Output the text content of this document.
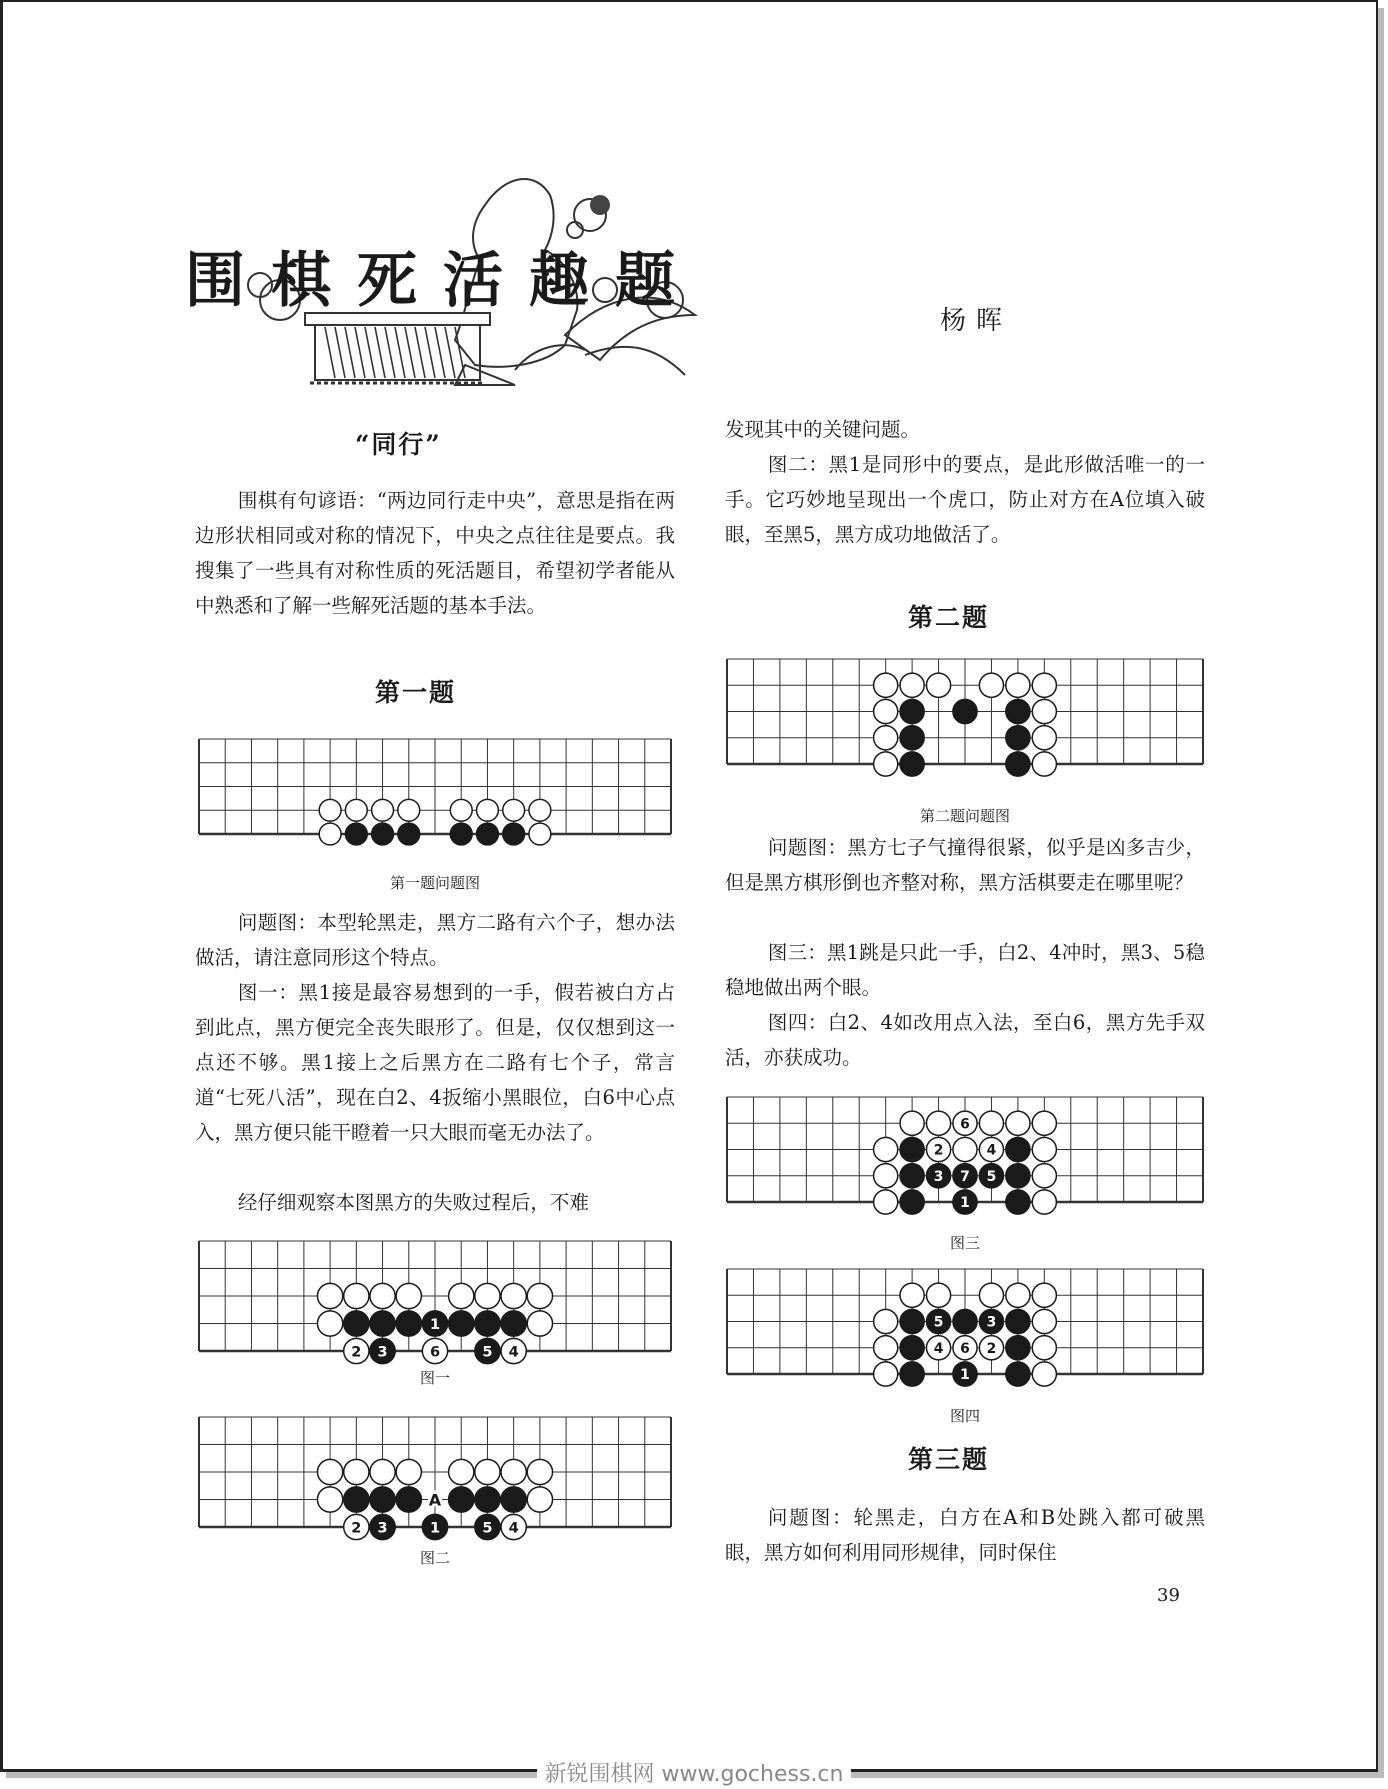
围棋死活趣题
杨晖
“同行”

围棋有句谚语：“两边同行走中央”，意思是指在两边形状相同或对称的情况下，中央之点往往是要点。我搜集了一些具有对称性质的死活题目，希望初学者能从中熟悉和了解一些解死活题的基本手法。

第一题
第一题问题图

问题图：本型轮黑走，黑方二路有六个子，想办法做活，请注意同形这个特点。

图一：黑1接是最容易想到的一手，假若被白方占到此点，黑方便完全丧失眼形了。但是，仅仅想到这一点还不够。黑1接上之后黑方在二路有七个子，常言道“七死八活”，现在白2、4扳缩小黑眼位，白6中心点入，黑方便只能干瞪着一只大眼而毫无办法了。

经仔细观察本图黑方的失败过程后，不难

1
2 3	6	5 4
图一
2 3	1	5 4
A
图二

发现其中的关键问题。

图二：黑1是同形中的要点，是此形做活唯一的一手。它巧妙地呈现出一个虎口，防止对方在A位填入破眼，至黑5，黑方成功地做活了。

第二题
第二题问题图

问题图：黑方七子气撞得很紧，似乎是凶多吉少，但是黑方棋形倒也齐整对称，黑方活棋要走在哪里呢？

图三：黑1跳是只此一手，白2、4冲时，黑3、5稳稳地做出两个眼。

图四：白2、4如改用点入法，至白6，黑方先手双活，亦获成功。

6
2	4
3 7 5
1
图三
5	3
4 6 2
1
图四
第三题

问题图：轮黑走，白方在A和B处跳入都可破黑眼，黑方如何利用同形规律，同时保住

39
新锐围棋网 www.gochess.cn
